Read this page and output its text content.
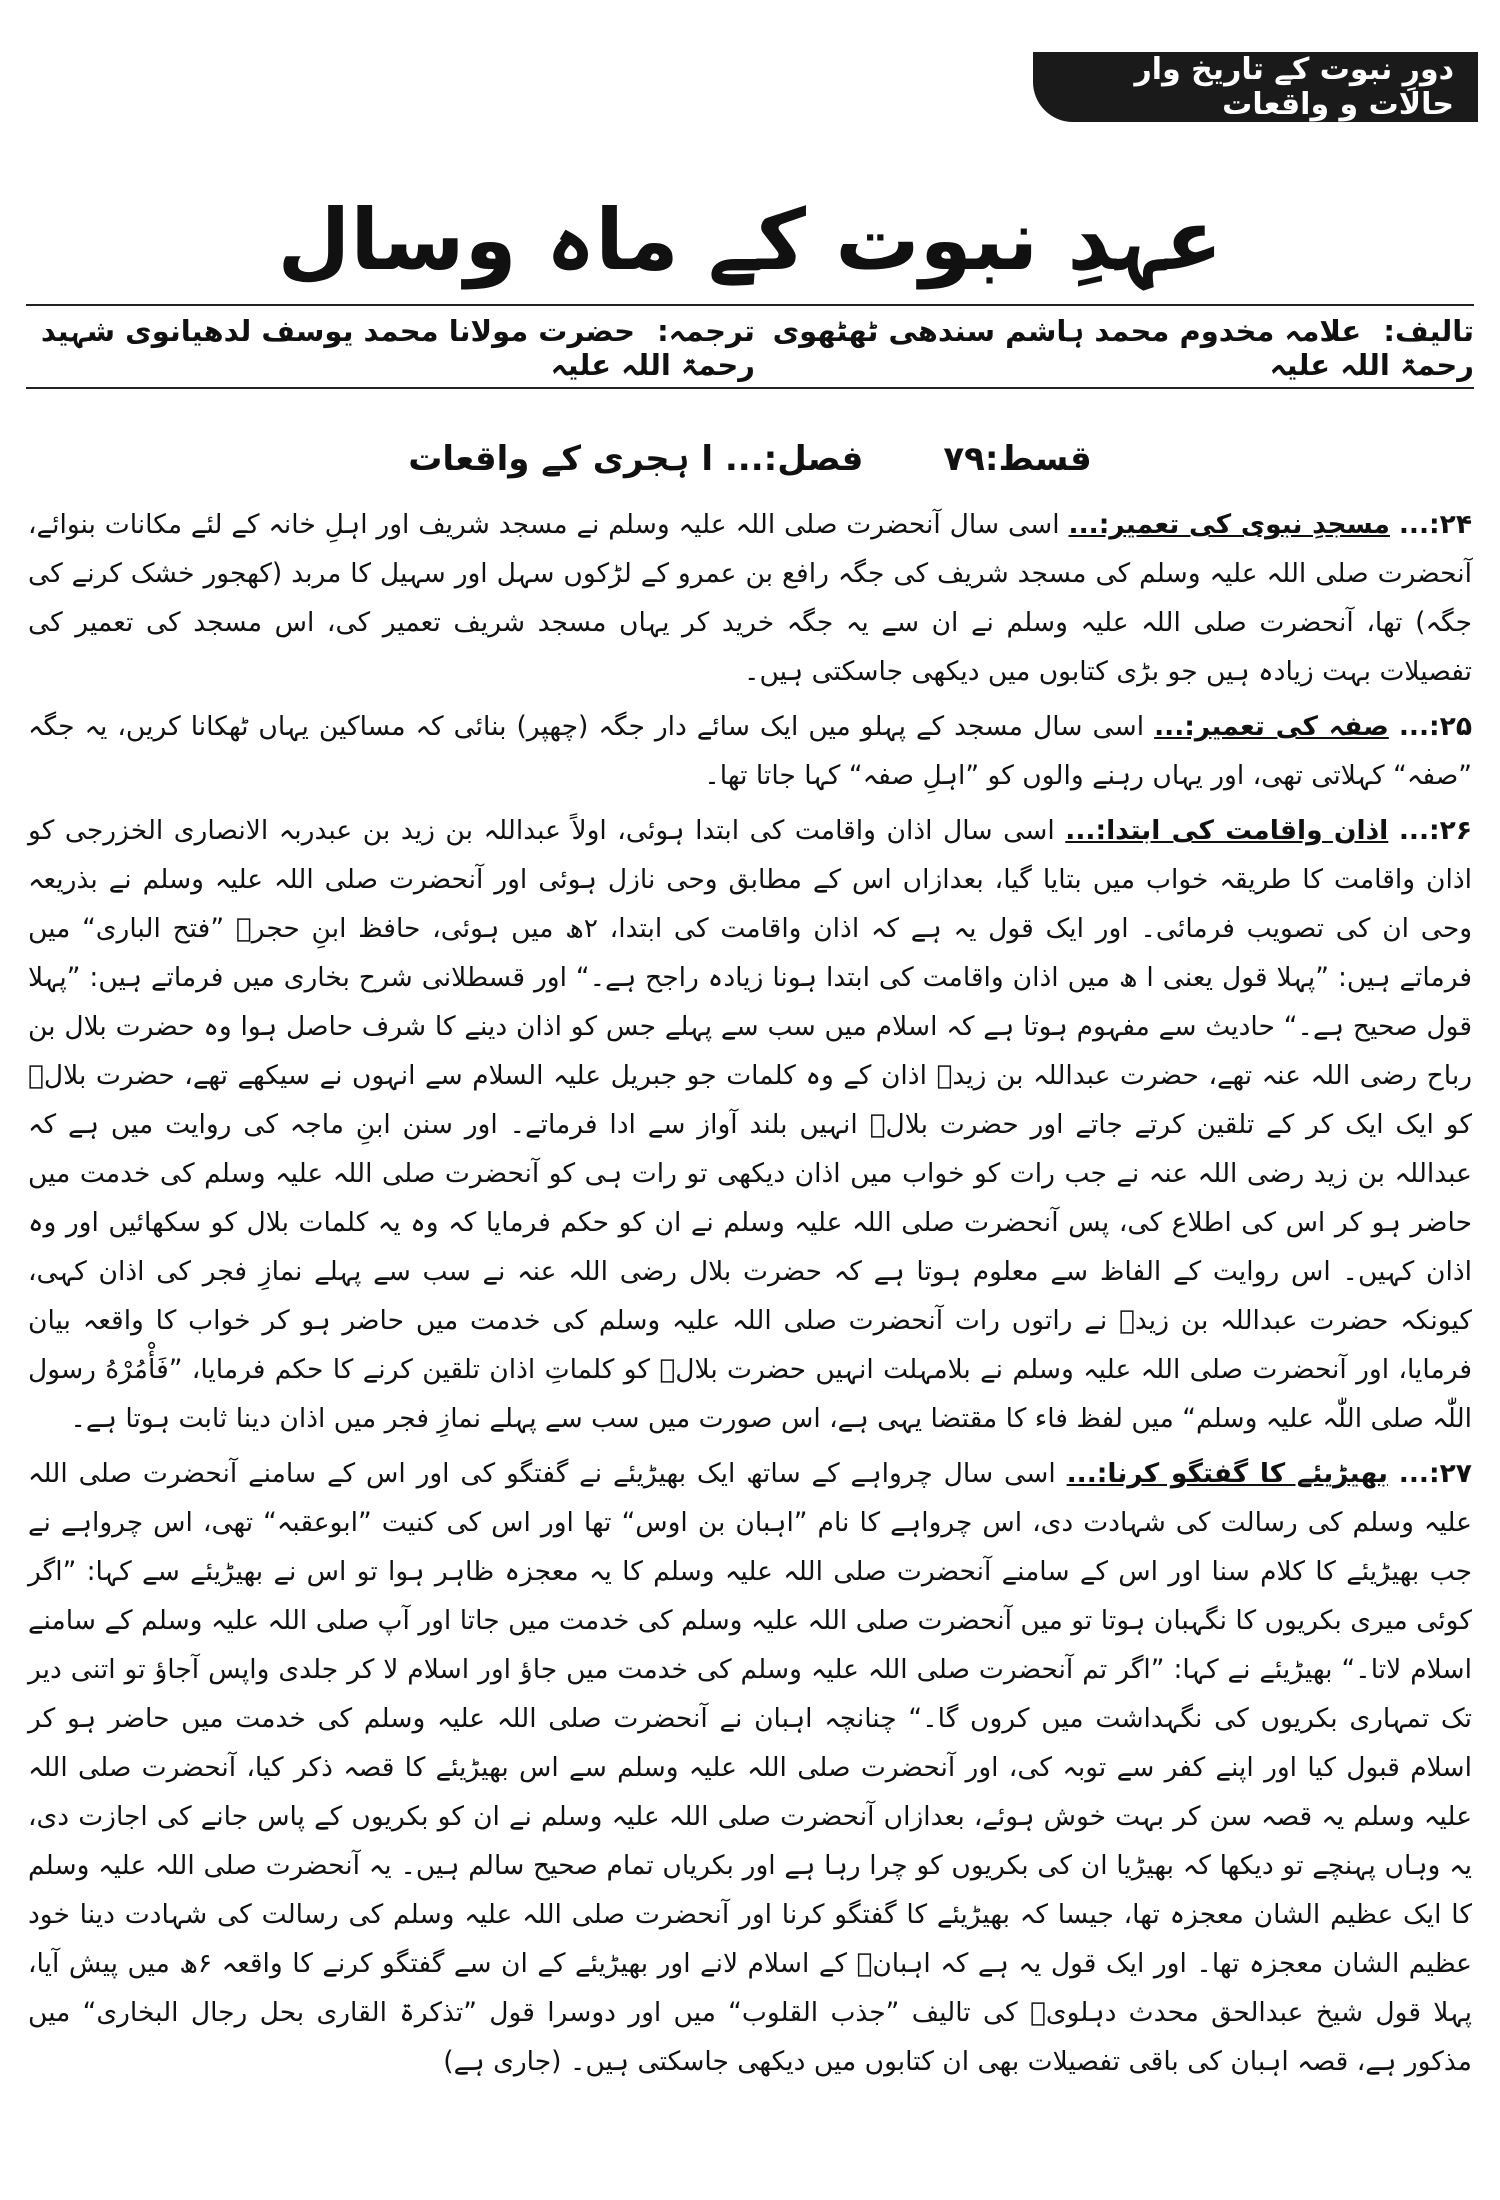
دورِ نبوت کے تاریخ وار حالات و واقعات
عہدِ نبوت کے ماہ وسال
تالیف: علامہ مخدوم محمد ہاشم سندھی ٹھٹھوی رحمۃ اللہ علیہ
ترجمہ: حضرت مولانا محمد یوسف لدھیانوی شہید رحمۃ اللہ علیہ
قسط:۷۹
فصل:... ا ہجری کے واقعات

۲۴:... مسجدِ نبوی کی تعمیر:... اسی سال آنحضرت صلی اللہ علیہ وسلم نے مسجد شریف اور اہلِ خانہ کے لئے مکانات بنوائے، آنحضرت صلی اللہ علیہ وسلم کی مسجد شریف کی جگہ رافع بن عمرو کے لڑکوں سہل اور سہیل کا مربد (کھجور خشک کرنے کی جگہ) تھا، آنحضرت صلی اللہ علیہ وسلم نے ان سے یہ جگہ خرید کر یہاں مسجد شریف تعمیر کی، اس مسجد کی تعمیر کی تفصیلات بہت زیادہ ہیں جو بڑی کتابوں میں دیکھی جاسکتی ہیں۔

۲۵:... صفہ کی تعمیر:... اسی سال مسجد کے پہلو میں ایک سائے دار جگہ (چھپر) بنائی کہ مساکین یہاں ٹھکانا کریں، یہ جگہ ”صفہ“ کہلاتی تھی، اور یہاں رہنے والوں کو ”اہلِ صفہ“ کہا جاتا تھا۔

۲۶:... اذان واقامت کی ابتدا:... اسی سال اذان واقامت کی ابتدا ہوئی، اولاً عبداللہ بن زید بن عبدربہ الانصاری الخزرجی کو اذان واقامت کا طریقہ خواب میں بتایا گیا، بعدازاں اس کے مطابق وحی نازل ہوئی اور آنحضرت صلی اللہ علیہ وسلم نے بذریعہ وحی ان کی تصویب فرمائی۔ اور ایک قول یہ ہے کہ اذان واقامت کی ابتدا، ۲ھ میں ہوئی، حافظ ابنِ حجرؒ ”فتح الباری“ میں فرماتے ہیں: ”پہلا قول یعنی ا ھ میں اذان واقامت کی ابتدا ہونا زیادہ راجح ہے۔“ اور قسطلانی شرح بخاری میں فرماتے ہیں: ”پہلا قول صحیح ہے۔“ حادیث سے مفہوم ہوتا ہے کہ اسلام میں سب سے پہلے جس کو اذان دینے کا شرف حاصل ہوا وہ حضرت بلال بن رباح رضی اللہ عنہ تھے، حضرت عبداللہ بن زیدؓ اذان کے وہ کلمات جو جبریل علیہ السلام سے انہوں نے سیکھے تھے، حضرت بلالؓ کو ایک ایک کر کے تلقین کرتے جاتے اور حضرت بلالؓ انہیں بلند آواز سے ادا فرماتے۔ اور سنن ابنِ ماجہ کی روایت میں ہے کہ عبداللہ بن زید رضی اللہ عنہ نے جب رات کو خواب میں اذان دیکھی تو رات ہی کو آنحضرت صلی اللہ علیہ وسلم کی خدمت میں حاضر ہو کر اس کی اطلاع کی، پس آنحضرت صلی اللہ علیہ وسلم نے ان کو حکم فرمایا کہ وہ یہ کلمات بلال کو سکھائیں اور وہ اذان کہیں۔ اس روایت کے الفاظ سے معلوم ہوتا ہے کہ حضرت بلال رضی اللہ عنہ نے سب سے پہلے نمازِ فجر کی اذان کہی، کیونکہ حضرت عبداللہ بن زیدؓ نے راتوں رات آنحضرت صلی اللہ علیہ وسلم کی خدمت میں حاضر ہو کر خواب کا واقعہ بیان فرمایا، اور آنحضرت صلی اللہ علیہ وسلم نے بلامہلت انہیں حضرت بلالؓ کو کلماتِ اذان تلقین کرنے کا حکم فرمایا، ”فَأْمُرْهُ رسول اللّٰہ صلی اللّٰہ علیہ وسلم“ میں لفظ فاء کا مقتضا یہی ہے، اس صورت میں سب سے پہلے نمازِ فجر میں اذان دینا ثابت ہوتا ہے۔

۲۷:... بھیڑیئے کا گفتگو کرنا:... اسی سال چرواہے کے ساتھ ایک بھیڑیئے نے گفتگو کی اور اس کے سامنے آنحضرت صلی اللہ علیہ وسلم کی رسالت کی شہادت دی، اس چرواہے کا نام ”اہبان بن اوس“ تھا اور اس کی کنیت ”ابوعقبہ“ تھی، اس چرواہے نے جب بھیڑیئے کا کلام سنا اور اس کے سامنے آنحضرت صلی اللہ علیہ وسلم کا یہ معجزہ ظاہر ہوا تو اس نے بھیڑیئے سے کہا: ”اگر کوئی میری بکریوں کا نگہبان ہوتا تو میں آنحضرت صلی اللہ علیہ وسلم کی خدمت میں جاتا اور آپ صلی اللہ علیہ وسلم کے سامنے اسلام لاتا۔“ بھیڑیئے نے کہا: ”اگر تم آنحضرت صلی اللہ علیہ وسلم کی خدمت میں جاؤ اور اسلام لا کر جلدی واپس آجاؤ تو اتنی دیر تک تمہاری بکریوں کی نگہداشت میں کروں گا۔“ چنانچہ اہبان نے آنحضرت صلی اللہ علیہ وسلم کی خدمت میں حاضر ہو کر اسلام قبول کیا اور اپنے کفر سے توبہ کی، اور آنحضرت صلی اللہ علیہ وسلم سے اس بھیڑیئے کا قصہ ذکر کیا، آنحضرت صلی اللہ علیہ وسلم یہ قصہ سن کر بہت خوش ہوئے، بعدازاں آنحضرت صلی اللہ علیہ وسلم نے ان کو بکریوں کے پاس جانے کی اجازت دی، یہ وہاں پہنچے تو دیکھا کہ بھیڑیا ان کی بکریوں کو چرا رہا ہے اور بکریاں تمام صحیح سالم ہیں۔ یہ آنحضرت صلی اللہ علیہ وسلم کا ایک عظیم الشان معجزہ تھا، جیسا کہ بھیڑیئے کا گفتگو کرنا اور آنحضرت صلی اللہ علیہ وسلم کی رسالت کی شہادت دینا خود عظیم الشان معجزہ تھا۔ اور ایک قول یہ ہے کہ اہبانؓ کے اسلام لانے اور بھیڑیئے کے ان سے گفتگو کرنے کا واقعہ ۶ھ میں پیش آیا، پہلا قول شیخ عبدالحق محدث دہلویؒ کی تالیف ”جذب القلوب“ میں اور دوسرا قول ”تذکرۃ القاری بحل رجال البخاری“ میں مذکور ہے، قصہ اہبان کی باقی تفصیلات بھی ان کتابوں میں دیکھی جاسکتی ہیں۔ (جاری ہے)
